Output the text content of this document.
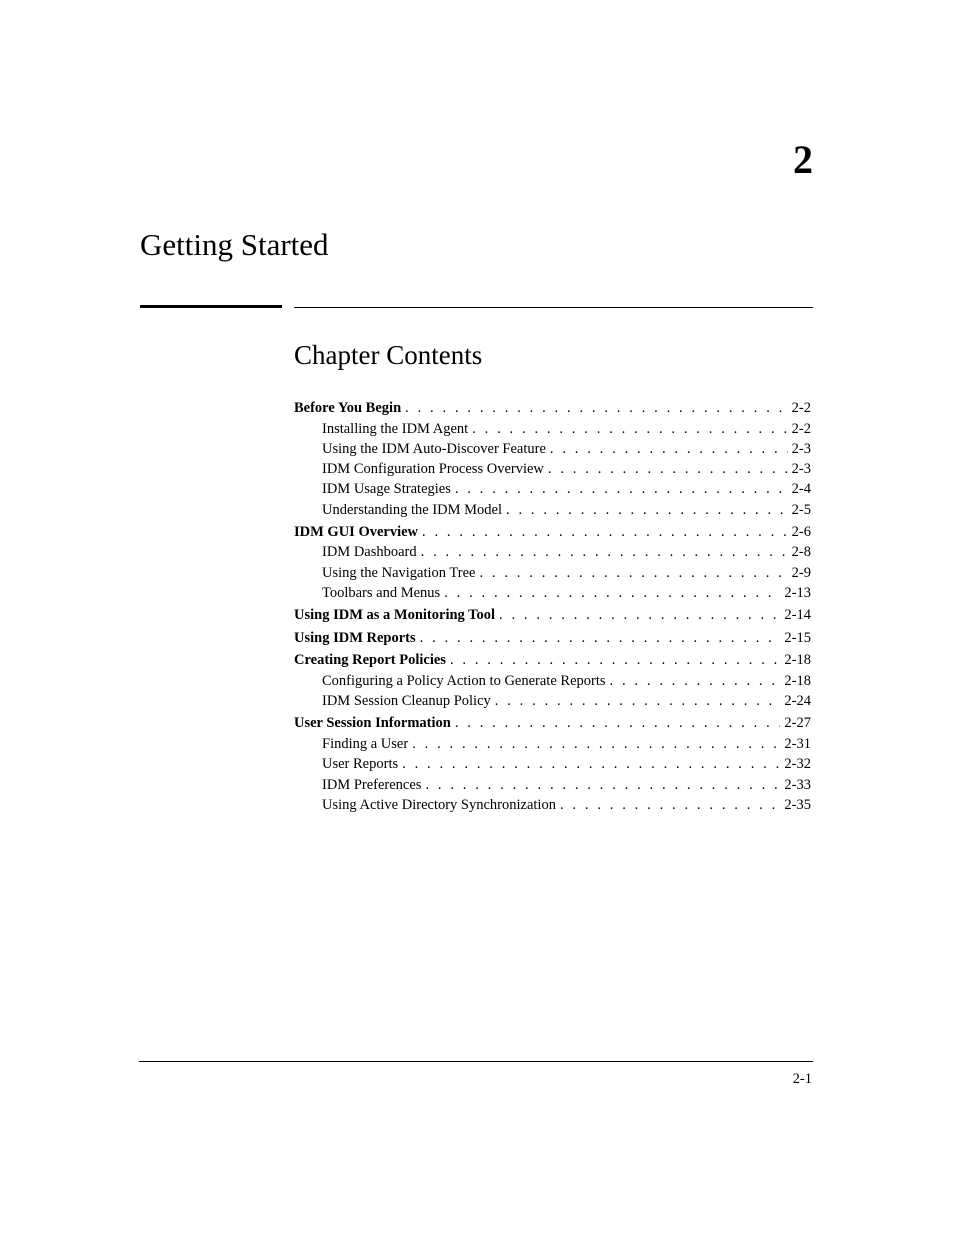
2
Getting Started
Chapter Contents
Before You Begin . . .	2-2
Installing the IDM Agent . . .	2-2
Using the IDM Auto-Discover Feature . . .	2-3
IDM Configuration Process Overview . . .	2-3
IDM Usage Strategies . . .	2-4
Understanding the IDM Model . . .	2-5
IDM GUI Overview . . .	2-6
IDM Dashboard . . .	2-8
Using the Navigation Tree . . .	2-9
Toolbars and Menus . . .	2-13
Using IDM as a Monitoring Tool . . .	2-14
Using IDM Reports . . .	2-15
Creating Report Policies . . .	2-18
Configuring a Policy Action to Generate Reports . . .	2-18
IDM Session Cleanup Policy . . .	2-24
User Session Information . . .	2-27
Finding a User . . .	2-31
User Reports . . .	2-32
IDM Preferences . . .	2-33
Using Active Directory Synchronization . . .	2-35
2-1
